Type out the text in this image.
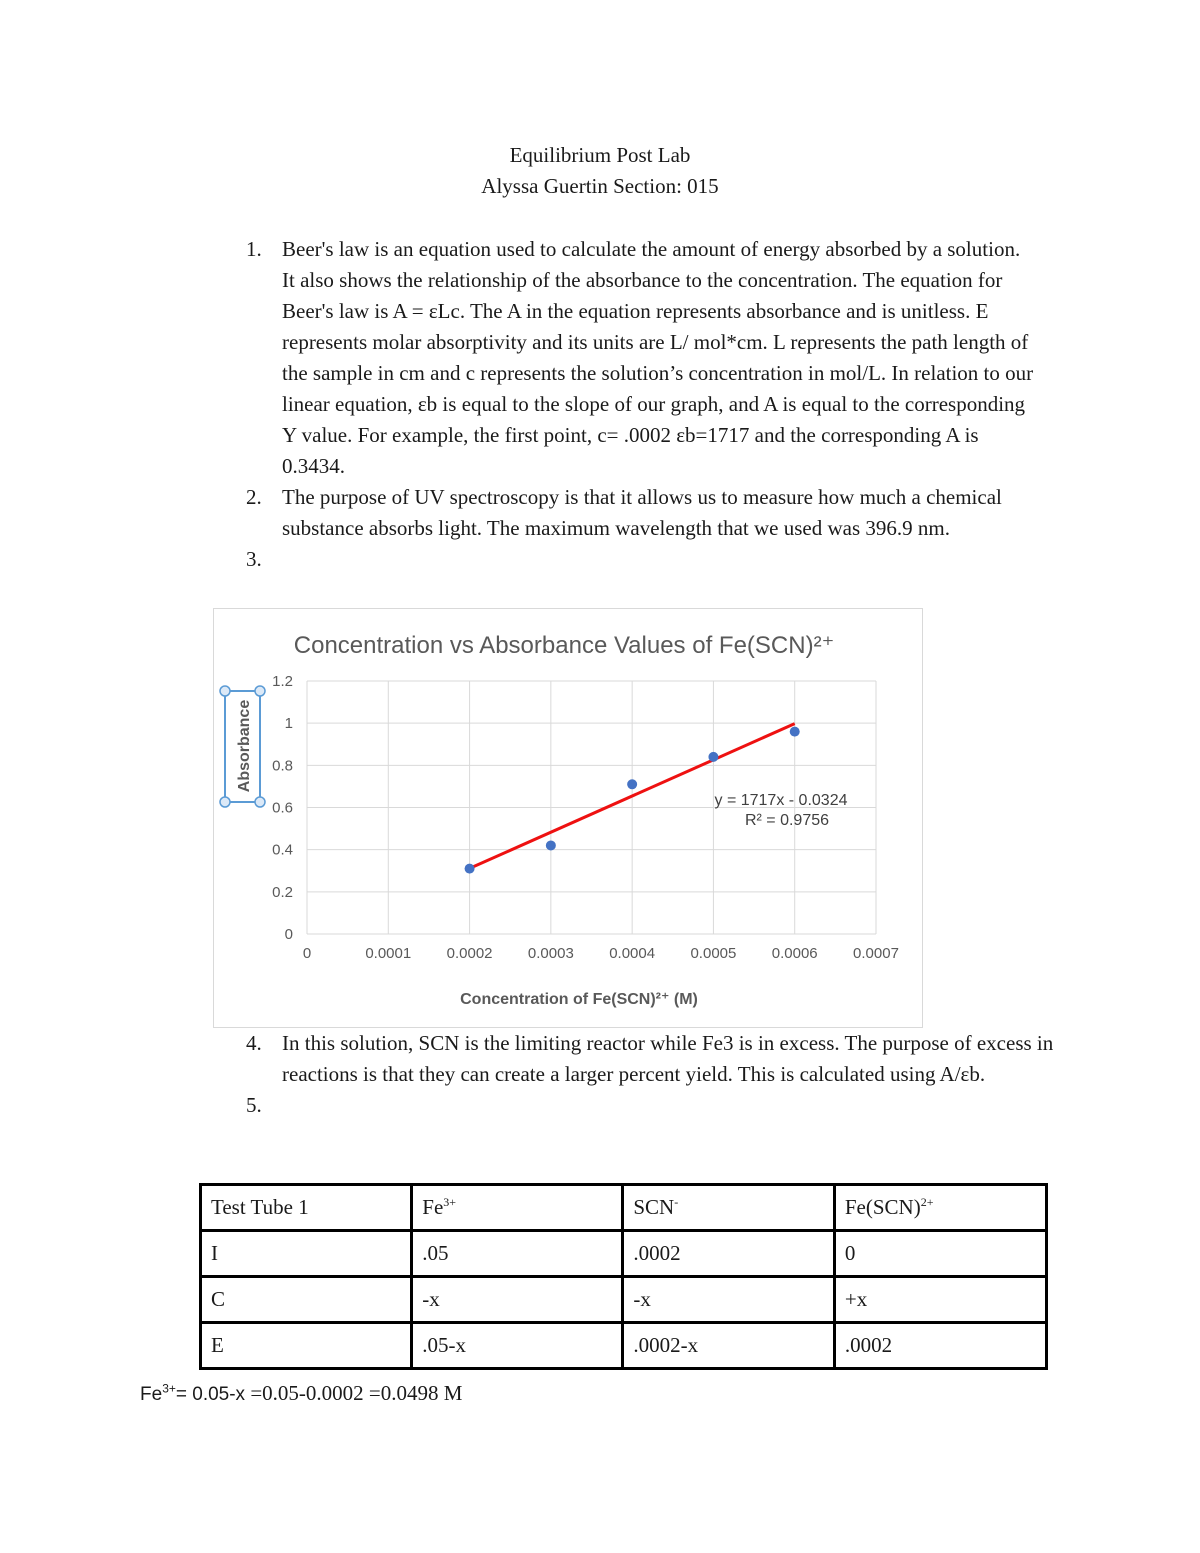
Equilibrium Post Lab
Alyssa Guertin Section: 015
1. Beer's law is an equation used to calculate the amount of energy absorbed by a solution. It also shows the relationship of the absorbance to the concentration. The equation for Beer's law is A = εLc. The A in the equation represents absorbance and is unitless. E represents molar absorptivity and its units are L/ mol*cm. L represents the path length of the sample in cm and c represents the solution’s concentration in mol/L. In relation to our linear equation, εb is equal to the slope of our graph, and A is equal to the corresponding Y value. For example, the first point, c= .0002 εb=1717 and the corresponding A is 0.3434.
2. The purpose of UV spectroscopy is that it allows us to measure how much a chemical substance absorbs light. The maximum wavelength that we used was 396.9 nm.
3.
Concentration vs Absorbance Values of Fe(SCN)²⁺
0
0.2
0.4
0.6
0.8
1
1.2
0	0.0001 0.0002 0.0003 0.0004 0.0005 0.0006 0.0007
y = 1717x - 0.0324
R² = 0.9756
Concentration of Fe(SCN)²⁺ (M)
Absorbance
4. In this solution, SCN is the limiting reactor while Fe3 is in excess. The purpose of excess in reactions is that they can create a larger percent yield. This is calculated using A/εb.
5.
Test Tube 1	$Fe^{3+}$	SCN-	Fe(SCN)$^{2+}$
I	.05	.0002	0
C	-x	-x	+x
E	.05-x	.0002-x	.0002
$Fe^{3+}= 0.05-x =0.05-0.0002 =0.0498$ M
